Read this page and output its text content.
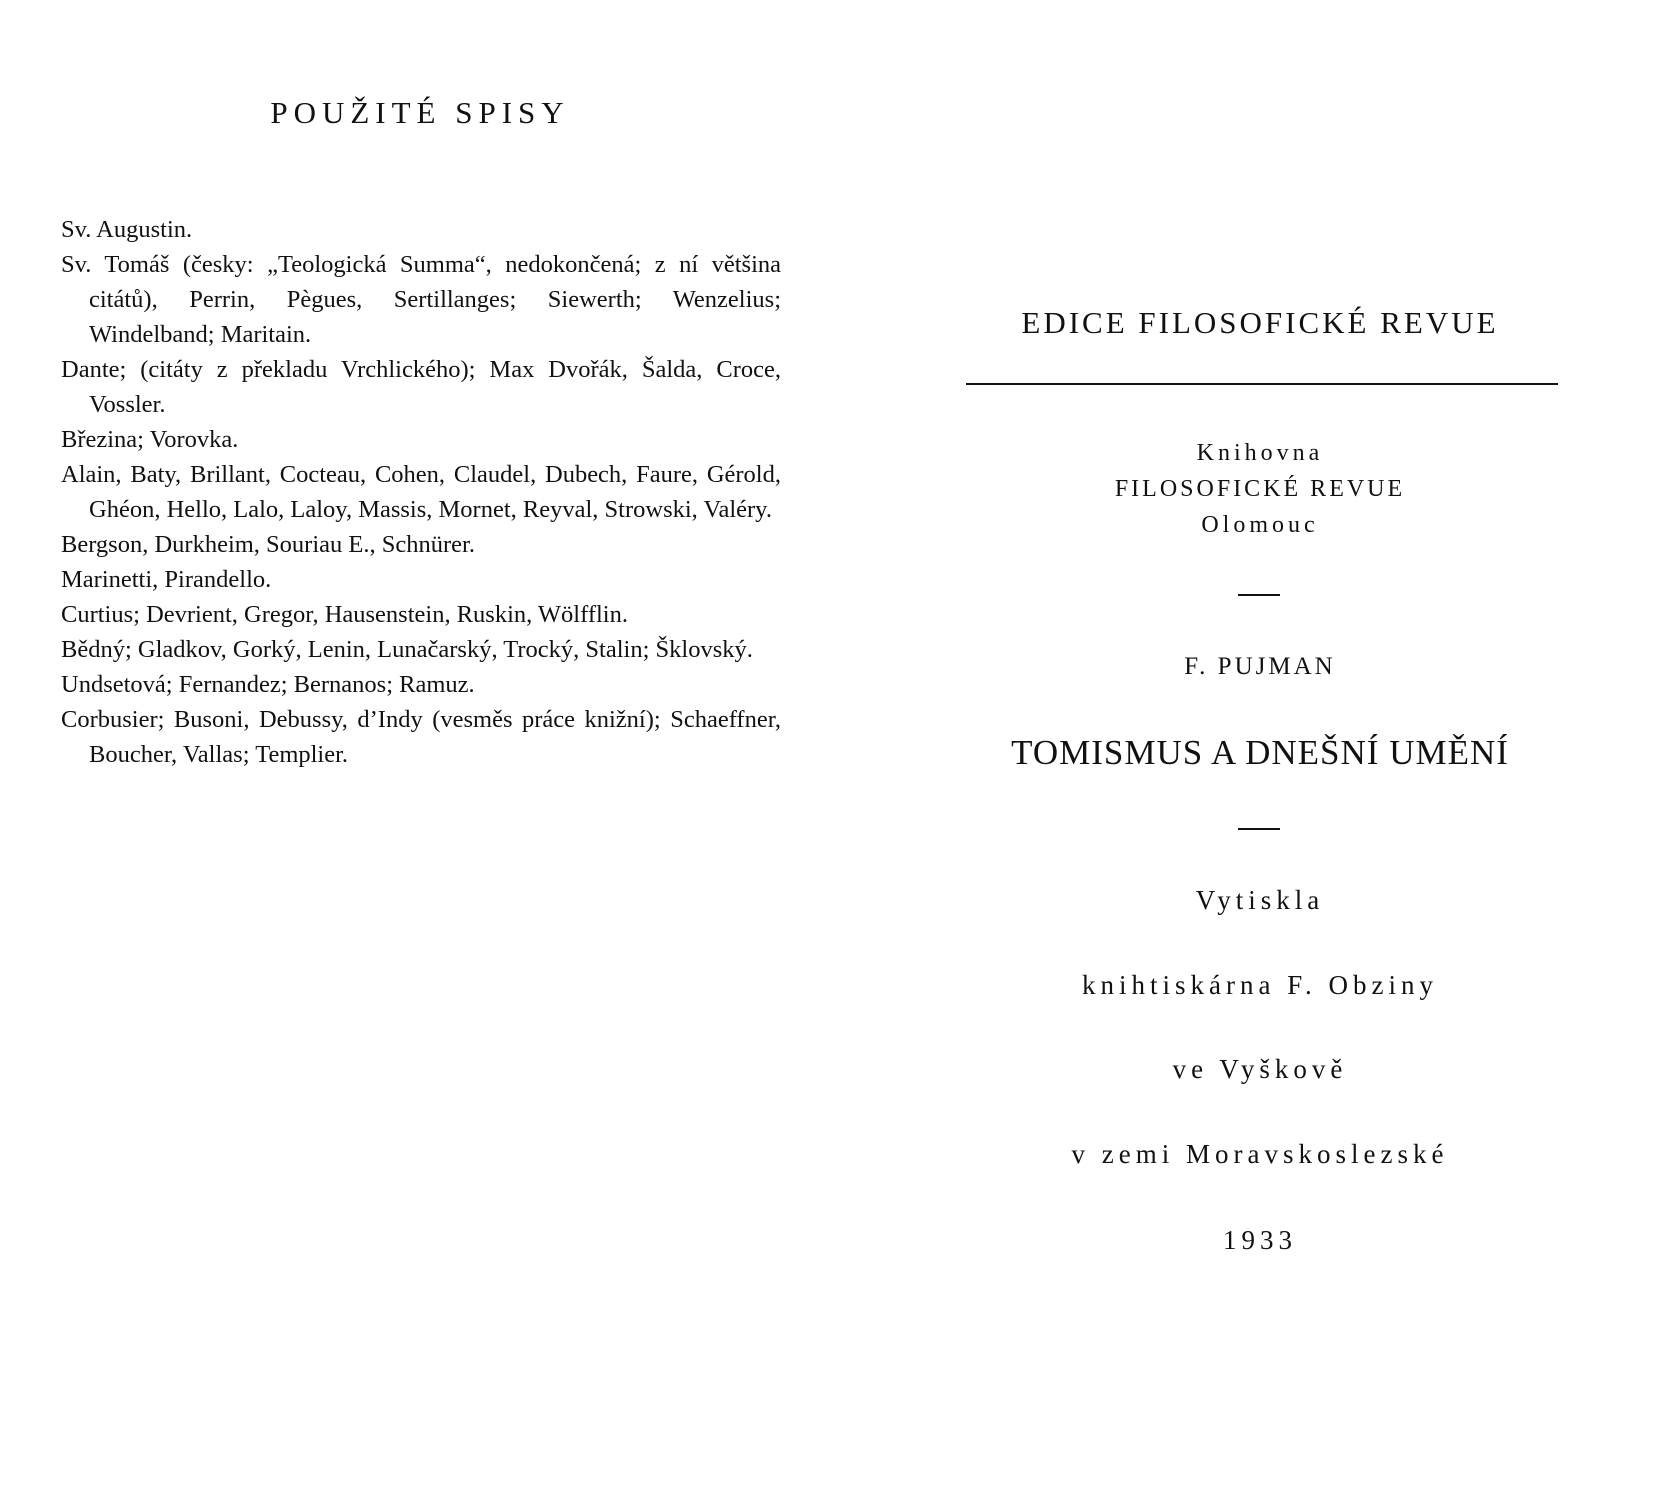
POUŽITÉ SPISY
Sv. Augustin.
Sv. Tomáš (česky: „Teologická Summa“, nedokončená; z ní většina citátů), Perrin, Pègues, Sertillanges; Siewerth; Wenzelius; Windelband; Maritain.
Dante; (citáty z překladu Vrchlického); Max Dvořák, Šalda, Croce, Vossler.
Březina; Vorovka.
Alain, Baty, Brillant, Cocteau, Cohen, Claudel, Dubech, Faure, Gérold, Ghéon, Hello, Lalo, Laloy, Massis, Mornet, Reyval, Strowski, Valéry.
Bergson, Durkheim, Souriau E., Schnürer.
Marinetti, Pirandello.
Curtius; Devrient, Gregor, Hausenstein, Ruskin, Wölfflin.
Bědný; Gladkov, Gorký, Lenin, Lunačarský, Trocký, Stalin; Šklovský.
Undsetová; Fernandez; Bernanos; Ramuz.
Corbusier; Busoni, Debussy, d’Indy (vesměs práce knižní); Schaeffner, Boucher, Vallas; Templier.
EDICE FILOSOFICKÉ REVUE
Knihovna
FILOSOFICKÉ REVUE
Olomouc
F. PUJMAN
TOMISMUS A DNEŠNÍ UMĚNÍ
Vytiskla
knihtiskárna F. Obziny
ve Vyškově
v zemi Moravskoslezské
1933
